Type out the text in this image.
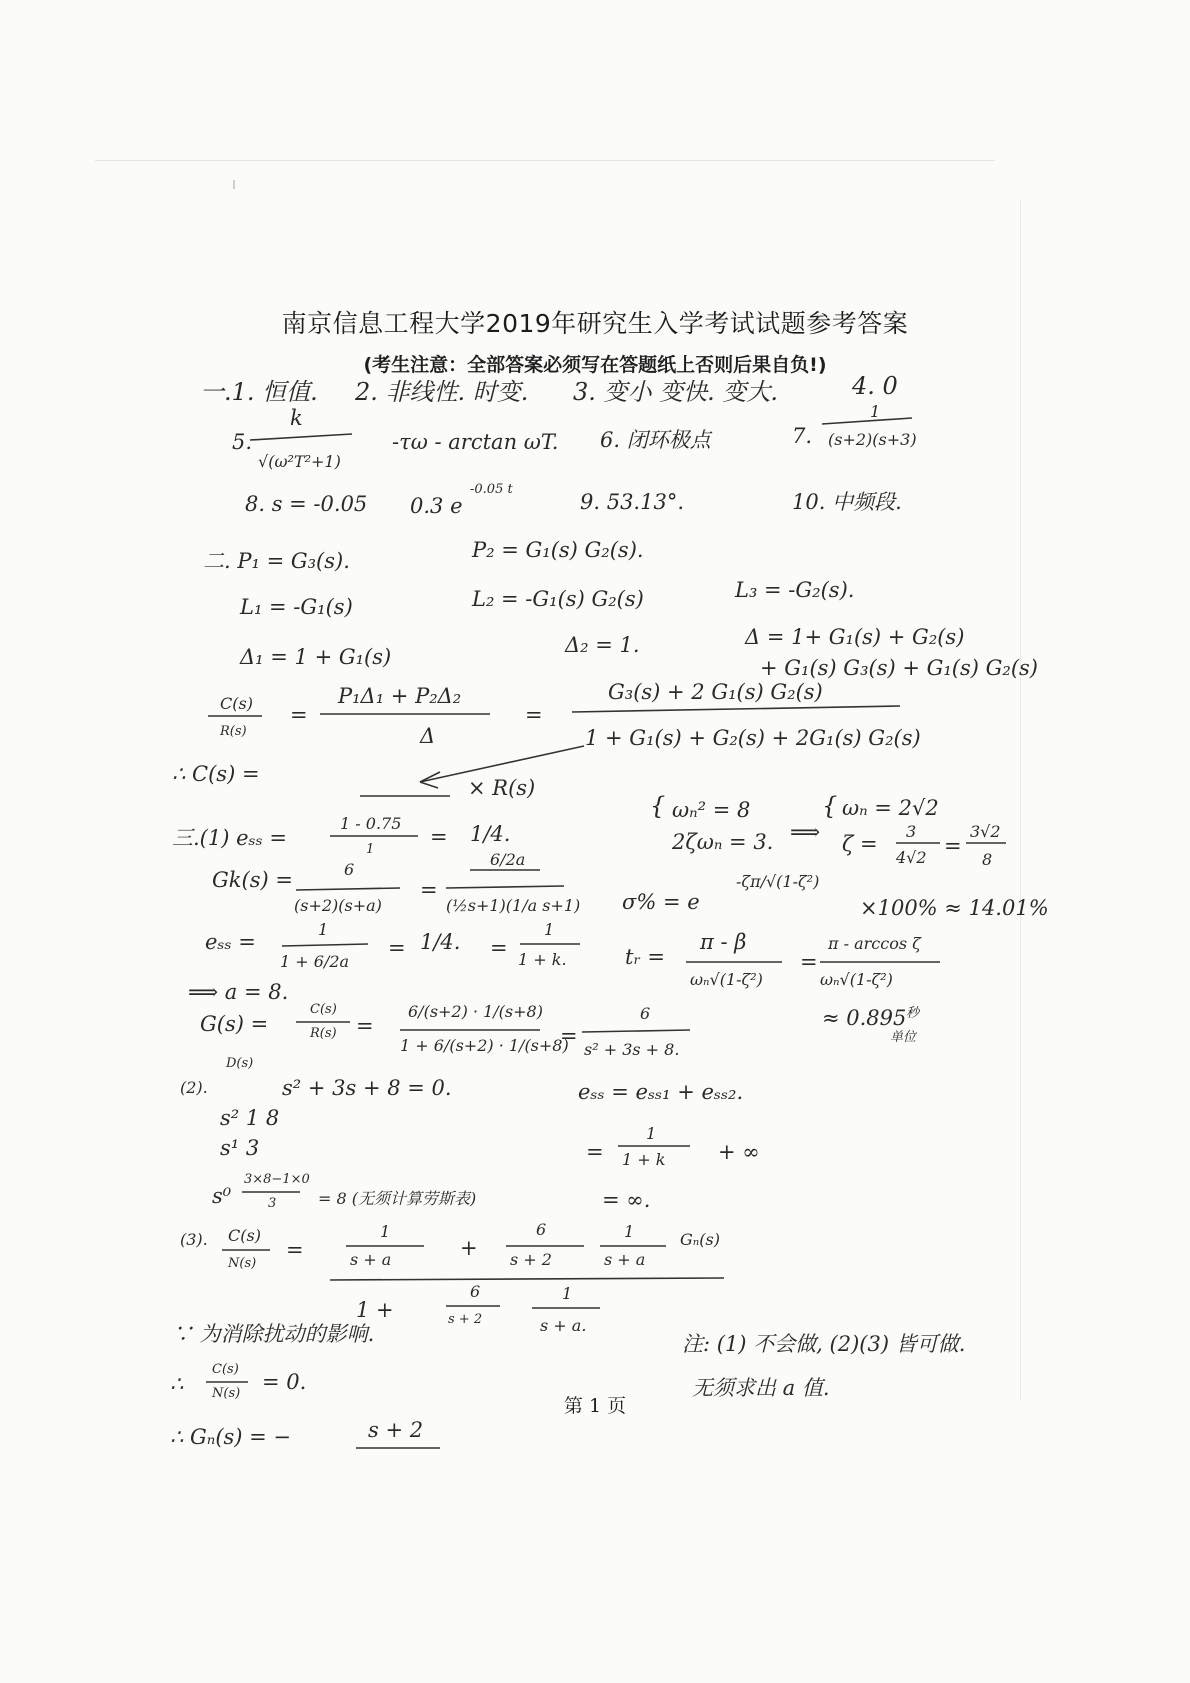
南京信息工程大学2019年研究生入学考试试题参考答案
(考生注意：全部答案必须写在答题纸上否则后果自负!)
一.1. 恒值. 2. 非线性. 时变. 3. 变小 变快. 变大.	4. 0
5.
k
√(ω²T²+1)
-τω - arctan ωT. 6. 闭环极点	7.
1
(s+2)(s+3)
8. s = -0.05 0.3 e
-0.05 t
9. 53.13°.	10. 中频段.
二. P₁ = G₃(s).	P₂ = G₁(s) G₂(s).
L₁ = -G₁(s)	L₂ = -G₁(s) G₂(s)	L₃ = -G₂(s).
Δ₁ = 1 + G₁(s)	Δ₂ = 1.	Δ = 1+ G₁(s) + G₂(s)
+ G₁(s) G₃(s) + G₁(s) G₂(s)
C(s)
R(s)
=
P₁Δ₁ + P₂Δ₂
Δ
=
G₃(s) + 2 G₁(s) G₂(s)
1 + G₁(s) + G₂(s) + 2G₁(s) G₂(s)
∴ C(s) =
× R(s)
三.(1) eₛₛ =
1 - 0.75
1
= 1/4.
Gk(s) =	6
(s+2)(s+a)
=
6/2a
(½s+1)(1/a s+1)
eₛₛ =
1
1 + 6/2a
= 1/4. =
1
1 + k.
⟹ a = 8.
G(s) =
C(s)
R(s) =
6/(s+2) · 1/(s+8)
1 + 6/(s+2) · 1/(s+8)
=
6
s² + 3s + 8.
{ ωₙ² = 8
2ζωₙ = 3. ⟹
{ ωₙ = 2√2
ζ =
3
4√2 =
3√2
8
σ% = e
-ζπ/√(1-ζ²)
×100% ≈ 14.01%
tᵣ =
π - β
ωₙ√(1-ζ²)
=
π - arccos ζ
ωₙ√(1-ζ²)
≈ 0.895 秒
单位
D(s)
(2).	s² + 3s + 8 = 0.	eₛₛ = eₛₛ₁ + eₛₛ₂.
s² 1 8
s¹ 3
s⁰
3×8−1×0
3	= 8 (无须计算劳斯表)
=
1
1 + k	+ ∞
= ∞.
(3). C(s)
N(s)
=
1
s + a	+
6
s + 2
1
s + a
Gₙ(s)
1 +
6
s + 2
1
s + a.
∵ 为消除扰动的影响.
∴
C(s)
N(s) = 0.
∴ Gₙ(s) = −	s + 2
注: (1) 不会做, (2)(3) 皆可做.
无须求出 a 值.
第 1 页
